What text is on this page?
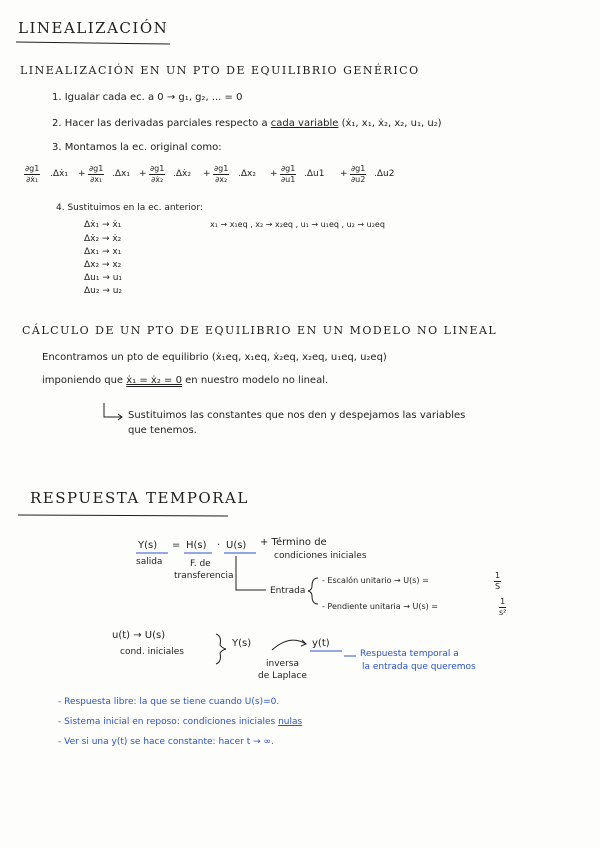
LINEALIZACIÓN
LINEALIZACIÓN EN UN PTO DE EQUILIBRIO GENÉRICO
1. Igualar cada ec. a 0 → g₁, g₂, ... = 0
2. Hacer las derivadas parciales respecto a cada variable (ẋ₁, x₁, ẋ₂, x₂, u₁, u₂)
3. Montamos la ec. original como:
$\frac{\partial g1}{\text{∂ẋ₁}}$ .Δẋ₁ + $\frac{\partial g1}{\text{∂x₁}} .\Delta x_1 + \frac{\partial g1}{\text{∂ẋ₂}}$ .Δẋ₂ + $\frac{\partial g1}{\text{∂x₂}} .\Delta x_2 + \frac{\partial g1}{\partial u1} .\Delta u1 + \frac{\partial g1}{\partial u2} .\Delta u2$
4. Sustituimos en la ec. anterior:
Δẋ₁ → ẋ₁
Δẋ₂ → ẋ₂
Δx₁ → x₁
Δx₂ → x₂
Δu₁ → u₁
Δu₂ → u₂
x₁ → x₁eq , x₂ → x₂eq , u₁ → u₁eq , u₂ → u₂eq
CÁLCULO DE UN PTO DE EQUILIBRIO EN UN MODELO NO LINEAL
Encontramos un pto de equilibrio (ẋ₁eq, x₁eq, ẋ₂eq, x₂eq, u₁eq, u₂eq)
imponiendo que ẋ₁ = ẋ₂ = 0 en nuestro modelo no lineal.
Sustituimos las constantes que nos den y despejamos las variables
que tenemos.
RESPUESTA TEMPORAL
Y(s) = H(s) · U(s) + Término de
condiciones iniciales
salida	F. de
transferencia
Entrada
- Escalón unitario → U(s) =	$\frac{1}{S}$
- Pendiente unitaria → U(s) =	$\frac{1}{\text{s²}}$
u(t) → U(s)
cond. iniciales
Y(s)	y(t)
inversa
de Laplace
Respuesta temporal a
la entrada que queremos
- Respuesta libre: la que se tiene cuando U(s)=0.
- Sistema inicial en reposo: condiciones iniciales nulas
- Ver si una y(t) se hace constante: hacer t → ∞.
